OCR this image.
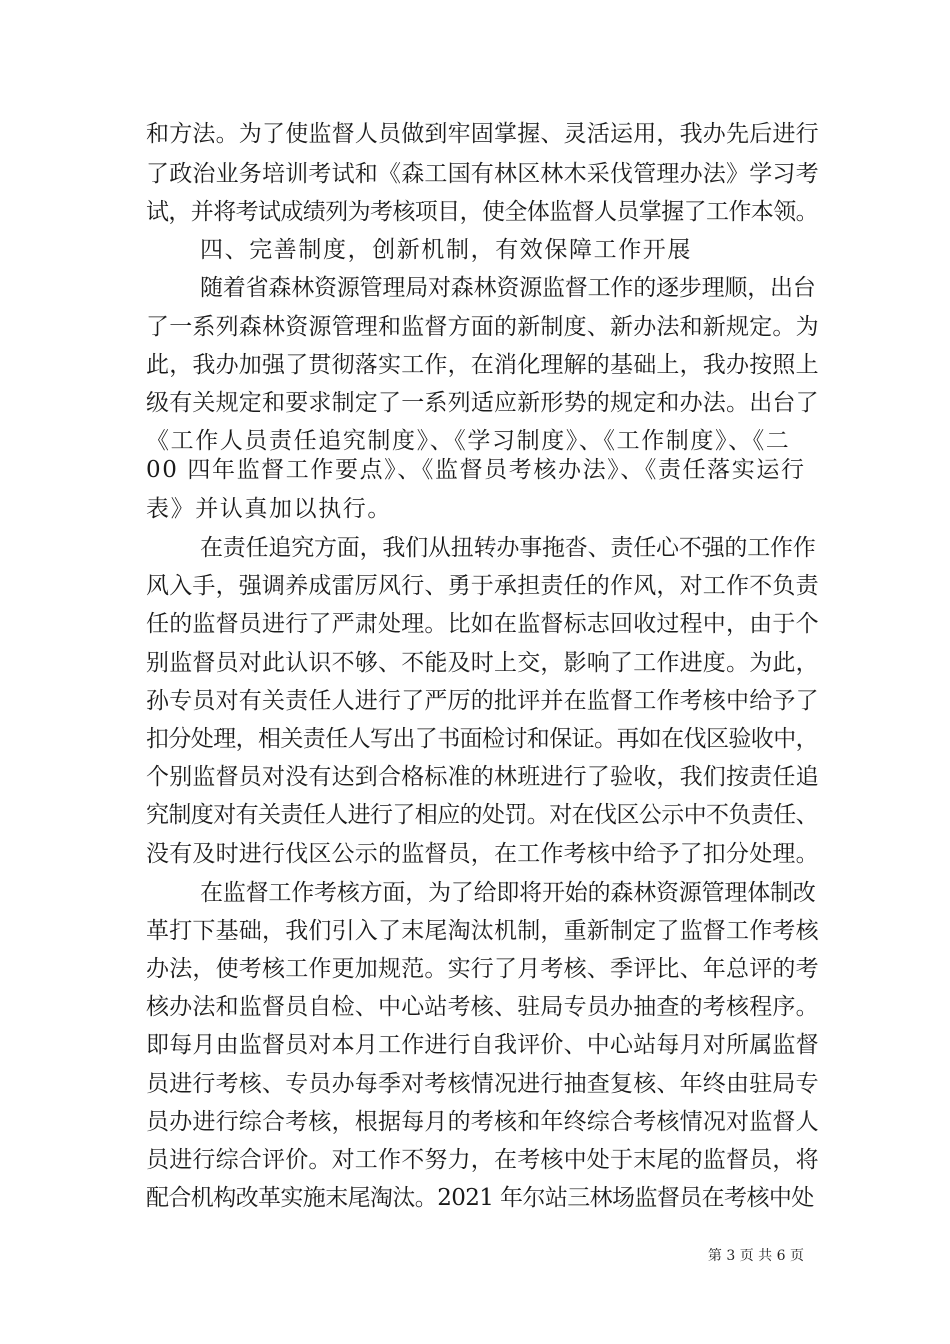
和方法。为了使监督人员做到牢固掌握、灵活运用，我办先后进行
了政治业务培训考试和《森工国有林区林木采伐管理办法》学习考
试，并将考试成绩列为考核项目，使全体监督人员掌握了工作本领。
四、完善制度，创新机制，有效保障工作开展
随着省森林资源管理局对森林资源监督工作的逐步理顺，出台
了一系列森林资源管理和监督方面的新制度、新办法和新规定。为
此，我办加强了贯彻落实工作，在消化理解的基础上，我办按照上
级有关规定和要求制定了一系列适应新形势的规定和办法。出台了
《工作人员责任追究制度》、《学习制度》、《工作制度》、《二
00 四年监督工作要点》、《监督员考核办法》、《责任落实运行
表》并认真加以执行。
在责任追究方面，我们从扭转办事拖沓、责任心不强的工作作
风入手，强调养成雷厉风行、勇于承担责任的作风，对工作不负责
任的监督员进行了严肃处理。比如在监督标志回收过程中，由于个
别监督员对此认识不够、不能及时上交，影响了工作进度。为此，
孙专员对有关责任人进行了严厉的批评并在监督工作考核中给予了
扣分处理，相关责任人写出了书面检讨和保证。再如在伐区验收中，
个别监督员对没有达到合格标准的林班进行了验收，我们按责任追
究制度对有关责任人进行了相应的处罚。对在伐区公示中不负责任、
没有及时进行伐区公示的监督员，在工作考核中给予了扣分处理。
在监督工作考核方面，为了给即将开始的森林资源管理体制改
革打下基础，我们引入了末尾淘汰机制，重新制定了监督工作考核
办法，使考核工作更加规范。实行了月考核、季评比、年总评的考
核办法和监督员自检、中心站考核、驻局专员办抽查的考核程序。
即每月由监督员对本月工作进行自我评价、中心站每月对所属监督
员进行考核、专员办每季对考核情况进行抽查复核、年终由驻局专
员办进行综合考核，根据每月的考核和年终综合考核情况对监督人
员进行综合评价。对工作不努力，在考核中处于末尾的监督员，将
配合机构改革实施末尾淘汰。2021 年尔站三林场监督员在考核中处
第 3 页 共 6 页
